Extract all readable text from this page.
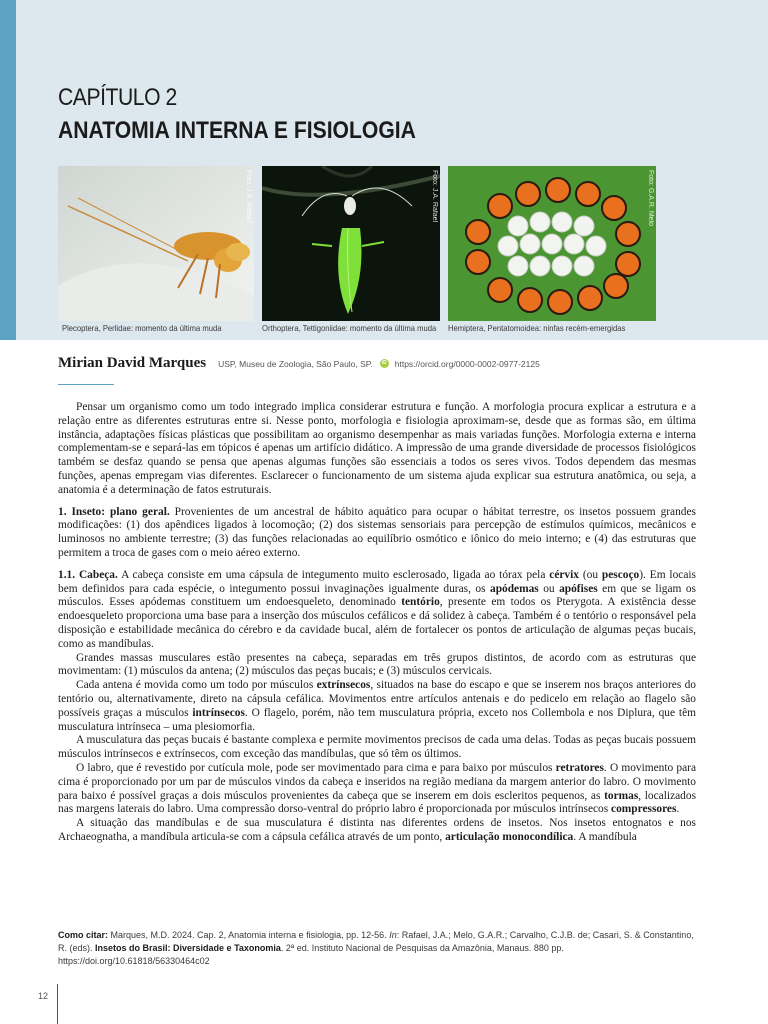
CAPÍTULO 2
ANATOMIA INTERNA E FISIOLOGIA
Foto: J.A. Rafael	Foto: J.A. Rafael	Foto: G.A.R. Melo
Plecoptera, Perlidae: momento da última muda	Orthoptera, Tettigoniidae: momento da última muda Hemiptera, Pentatomoidea: ninfas recém-emergidas
Mirian David Marques USP, Museu de Zoologia, São Paulo, SP. iD https://orcid.org/0000-0002-0977-2125

Pensar um organismo como um todo integrado implica considerar estrutura e função. A morfologia procura explicar a estrutura e a relação entre as diferentes estruturas entre si. Nesse ponto, morfologia e fisiologia aproximam-se, desde que as formas são, em última instância, adaptações físicas plásticas que possibilitam ao organismo desempenhar as mais variadas funções. Morfologia externa e interna complementam-se e separá-las em tópicos é apenas um artifício didático. A impressão de uma grande diversidade de processos fisiológicos também se desfaz quando se pensa que apenas algumas funções são essenciais a todos os seres vivos. Todos dependem das mesmas funções, apenas empregam vias diferentes. Esclarecer o funcionamento de um sistema ajuda explicar sua estrutura anatômica, ou seja, a anatomia é a determinação de fatos estruturais.

1. Inseto: plano geral. Provenientes de um ancestral de hábito aquático para ocupar o hábitat terrestre, os insetos possuem grandes modificações: (1) dos apêndices ligados à locomoção; (2) dos sistemas sensoriais para percepção de estímulos químicos, mecânicos e luminosos no ambiente terrestre; (3) das funções relacionadas ao equilíbrio osmótico e iônico do meio interno; e (4) das estruturas que permitem a troca de gases com o meio aéreo externo.

1.1. Cabeça. A cabeça consiste em uma cápsula de integumento muito esclerosado, ligada ao tórax pela cérvix (ou pescoço). Em locais bem definidos para cada espécie, o integumento possui invaginações igualmente duras, os apódemas ou apófises em que se ligam os músculos. Esses apódemas constituem um endoesqueleto, denominado tentório, presente em todos os Pterygota. A existência desse endoesqueleto proporciona uma base para a inserção dos músculos cefálicos e dá solidez à cabeça. Também é o tentório o responsável pela disposição e estabilidade mecânica do cérebro e da cavidade bucal, além de fortalecer os pontos de articulação de algumas peças bucais, como as mandíbulas.

Grandes massas musculares estão presentes na cabeça, separadas em três grupos distintos, de acordo com as estruturas que movimentam: (1) músculos da antena; (2) músculos das peças bucais; e (3) músculos cervicais.

Cada antena é movida como um todo por músculos extrínsecos, situados na base do escapo e que se inserem nos braços anteriores do tentório ou, alternativamente, direto na cápsula cefálica. Movimentos entre artículos antenais e do pedicelo em relação ao flagelo são possíveis graças a músculos intrínsecos. O flagelo, porém, não tem musculatura própria, exceto nos Collembola e nos Diplura, que têm musculatura intrínseca – uma plesiomorfia.

A musculatura das peças bucais é bastante complexa e permite movimentos precisos de cada uma delas. Todas as peças bucais possuem músculos intrínsecos e extrínsecos, com exceção das mandíbulas, que só têm os últimos.

O labro, que é revestido por cutícula mole, pode ser movimentado para cima e para baixo por músculos retratores. O movimento para cima é proporcionado por um par de músculos vindos da cabeça e inseridos na região mediana da margem anterior do labro. O movimento para baixo é possível graças a dois músculos provenientes da cabeça que se inserem em dois escleritos pequenos, as tormas, localizados nas margens laterais do labro. Uma compressão dorso-ventral do próprio labro é proporcionada por músculos intrínsecos compressores.

A situação das mandíbulas e de sua musculatura é distinta nas diferentes ordens de insetos. Nos insetos entognatos e nos Archaeognatha, a mandíbula articula-se com a cápsula cefálica através de um ponto, articulação monocondílica. A mandíbula

Como citar: Marques, M.D. 2024. Cap. 2, Anatomia interna e fisiologia, pp. 12-56. In: Rafael, J.A.; Melo, G.A.R.; Carvalho, C.J.B. de; Casari, S. & Constantino, R. (eds). Insetos do Brasil: Diversidade e Taxonomia. 2ª ed. Instituto Nacional de Pesquisas da Amazônia, Manaus. 880 pp.
https://doi.org/10.61818/56330464c02
12
